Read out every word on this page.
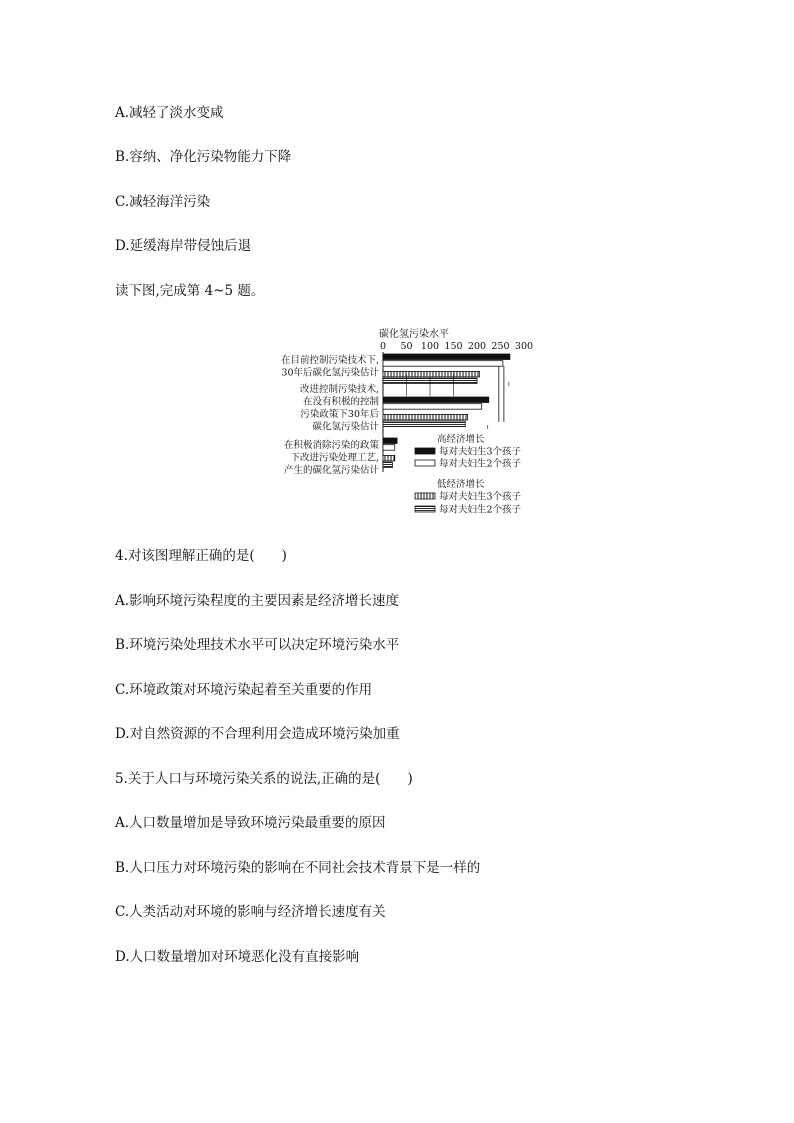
A.减轻了淡水变咸
B.容纳、净化污染物能力下降
C.减轻海洋污染
D.延缓海岸带侵蚀后退
读下图,完成第 4~5 题。
碳化氢污染水平
0 50 100 150 200 250 300
在目前控制污染技术下,
30年后碳化氢污染估计
改进控制污染技术,
在没有积极的控制
污染政策下30年后
碳化氢污染估计
在积极消除污染的政策
下改进污染处理工艺,
产生的碳化氢污染估计
高经济增长
每对夫妇生3个孩子
每对夫妇生2个孩子
低经济增长
每对夫妇生3个孩子
每对夫妇生2个孩子
4.对该图理解正确的是(　　)
A.影响环境污染程度的主要因素是经济增长速度
B.环境污染处理技术水平可以决定环境污染水平
C.环境政策对环境污染起着至关重要的作用
D.对自然资源的不合理利用会造成环境污染加重
5.关于人口与环境污染关系的说法,正确的是(　　)
A.人口数量增加是导致环境污染最重要的原因
B.人口压力对环境污染的影响在不同社会技术背景下是一样的
C.人类活动对环境的影响与经济增长速度有关
D.人口数量增加对环境恶化没有直接影响
